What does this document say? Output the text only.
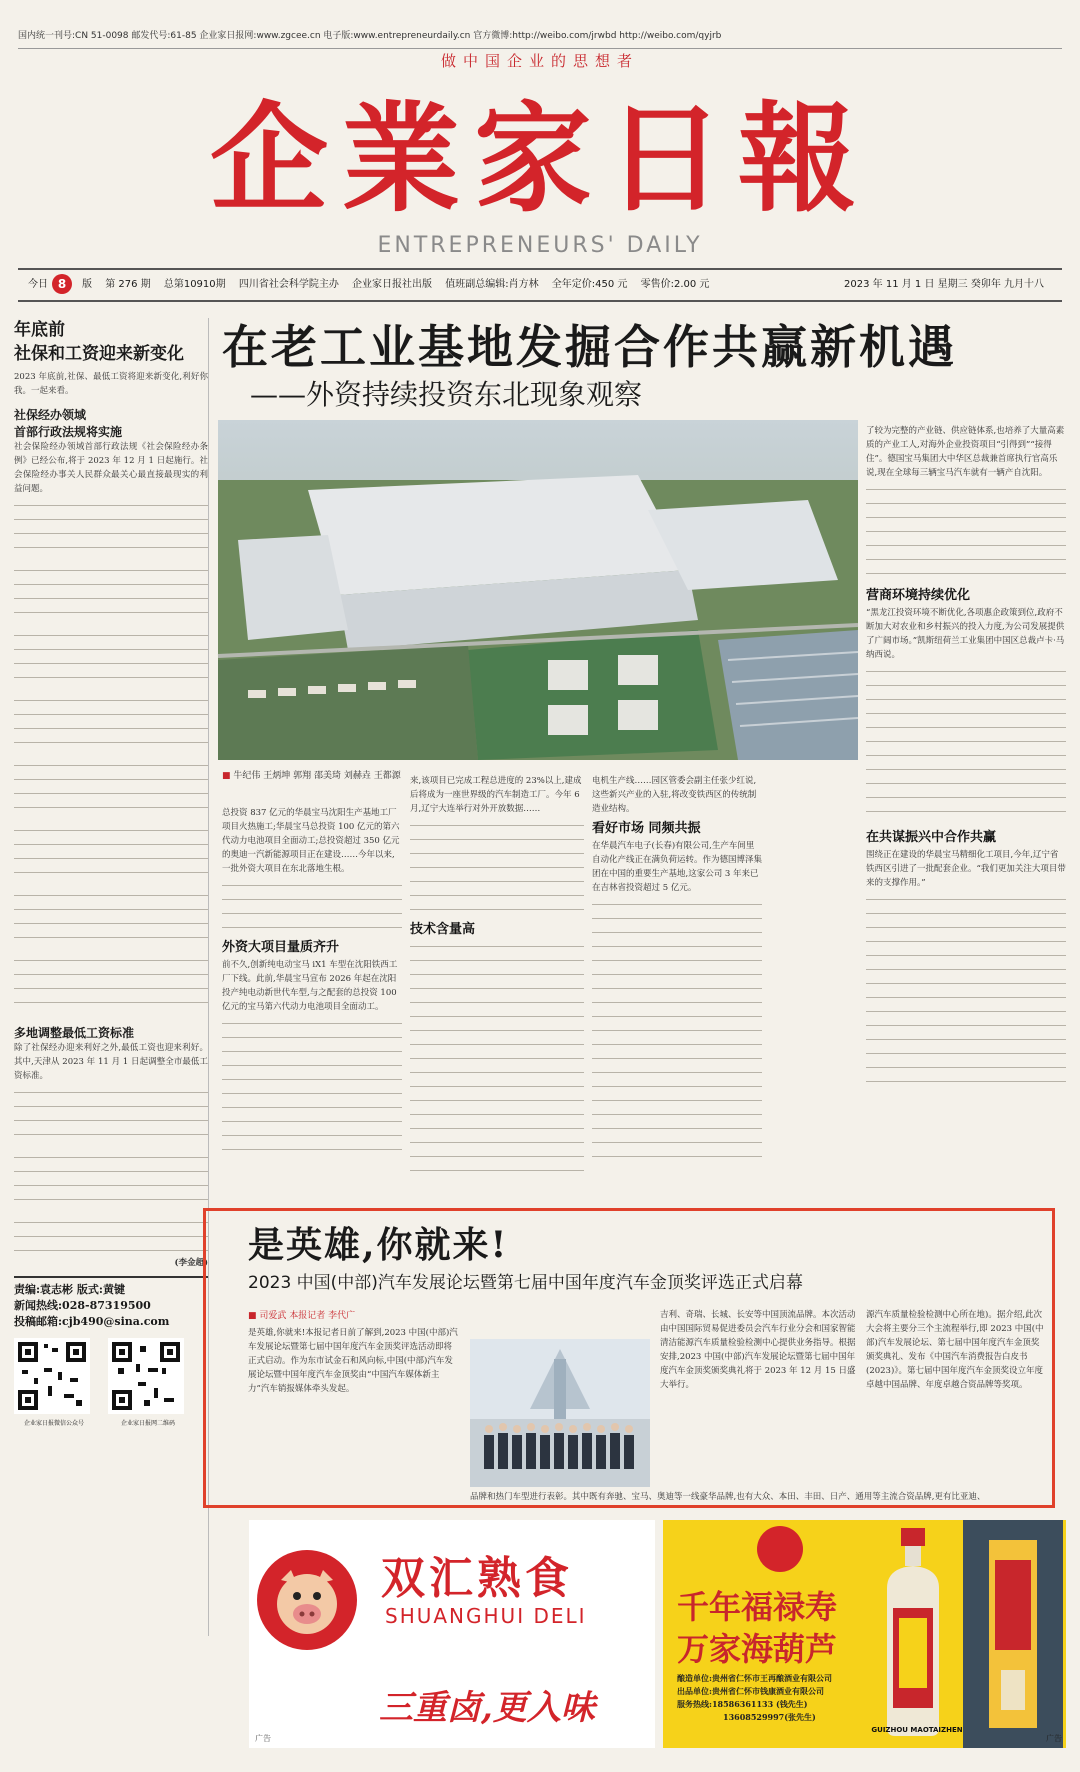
国内统一刊号:CN 51-0098 邮发代号:61-85 企业家日报网:www.zgcee.cn 电子版:www.entrepreneurdaily.cn 官方微博:http://weibo.com/jrwbd http://weibo.com/qyjrb
做中国企业的思想者
企業家日報
ENTREPRENEURS' DAILY
今日 8 版 第 276 期 总第10910期 四川省社会科学院主办 企业家日报社出版 值班副总编辑:肖方林 全年定价:450 元 零售价:2.00 元	2023 年 11 月 1 日 星期三 癸卯年 九月十八
年底前
社保和工资迎来新变化
2023 年底前,社保、最低工资将迎来新变化,利好你我。一起来看。
社保经办领域
首部行政法规将实施
社会保险经办领域首部行政法规《社会保险经办条例》已经公布,将于 2023 年 12 月 1 日起施行。社会保险经办事关人民群众最关心最直接最现实的利益问题。
多地调整最低工资标准
除了社保经办迎来利好之外,最低工资也迎来利好。其中,天津从 2023 年 11 月 1 日起调整全市最低工资标准。
(李金超)
责编:袁志彬 版式:黄键
新闻热线:028-87319500
投稿邮箱:cjb490@sina.com
企业家日报微信公众号	企业家日报网二维码
在老工业基地发掘合作共赢新机遇
——外资持续投资东北现象观察
■ 牛纪伟 王炳坤 郭翔 邵美琦 刘赫垚 王都源
总投资 837 亿元的华晨宝马沈阳生产基地工厂项目火热施工;华晨宝马总投资 100 亿元的第六代动力电池项目全面动工;总投资超过 350 亿元的奥迪一汽新能源项目正在建设……今年以来,一批外资大项目在东北落地生根。
外资大项目量质齐升
前不久,创新纯电动宝马 iX1 车型在沈阳铁西工厂下线。此前,华晨宝马宣布 2026 年起在沈阳投产纯电动新世代车型,与之配套的总投资 100 亿元的宝马第六代动力电池项目全面动工。
来,该项目已完成工程总进度的 23%以上,建成后将成为一座世界级的汽车制造工厂。今年 6 月,辽宁大连举行对外开放数据……
技术含量高
电机生产线……园区管委会副主任张少红说,这些新兴产业的入驻,将改变铁西区的传统制造业结构。
看好市场 同频共振
在华晨汽车电子(长春)有限公司,生产车间里自动化产线正在满负荷运转。作为德国博泽集团在中国的重要生产基地,这家公司 3 年来已在吉林省投资超过 5 亿元。
了较为完整的产业链、供应链体系,也培养了大量高素质的产业工人,对海外企业投资项目“引得到”“接得住”。德国宝马集团大中华区总裁兼首席执行官高乐说,现在全球每三辆宝马汽车就有一辆产自沈阳。
营商环境持续优化
“黑龙江投资环境不断优化,各项惠企政策到位,政府不断加大对农业和乡村振兴的投入力度,为公司发展提供了广阔市场。”凯斯纽荷兰工业集团中国区总裁卢卡·马纳西说。
在共谋振兴中合作共赢
围绕正在建设的华晨宝马精细化工项目,今年,辽宁省铁西区引进了一批配套企业。“我们更加关注大项目带来的支撑作用。”
是英雄,你就来!
2023 中国(中部)汽车发展论坛暨第七届中国年度汽车金顶奖评选正式启幕
■ 司爱武 本报记者 李代广
是英雄,你就来!本报记者日前了解到,2023 中国(中部)汽车发展论坛暨第七届中国年度汽车金顶奖评选活动即将正式启动。作为东市试金石和风向标,中国(中部)汽车发展论坛暨中国年度汽车金顶奖由“中国汽车媒体新主力”汽车销报媒体牵头发起。
品牌和热门车型进行表彰。其中既有奔驰、宝马、奥迪等一线豪华品牌,也有大众、本田、丰田、日产、通用等主流合资品牌,更有比亚迪、
吉利、奇瑞、长城、长安等中国顶流品牌。本次活动由中国国际贸易促进委员会汽车行业分会和国家智能清洁能源汽车质量检验检测中心提供业务指导。根据安排,2023 中国(中部)汽车发展论坛暨第七届中国年度汽车金顶奖颁奖典礼将于 2023 年 12 月 15 日盛大举行。
源汽车质量检验检测中心所在地)。据介绍,此次大会将主要分三个主流程举行,即 2023 中国(中部)汽车发展论坛、第七届中国年度汽车金顶奖颁奖典礼、发布《中国汽车消费报告白皮书(2023)》。第七届中国年度汽车金顶奖设立年度卓越中国品牌、年度卓越合资品牌等奖项。
双汇熟食
SHUANGHUI DELI
三重卤,更入味
广告
千年福禄寿
万家海葫芦
酿造单位:贵州省仁怀市王再酿酒业有限公司
出品单位:贵州省仁怀市钱康酒业有限公司
服务热线:18586361133 (钱先生)
13608529997(张先生)
GUIZHOU MAOTAIZHEN
广告
